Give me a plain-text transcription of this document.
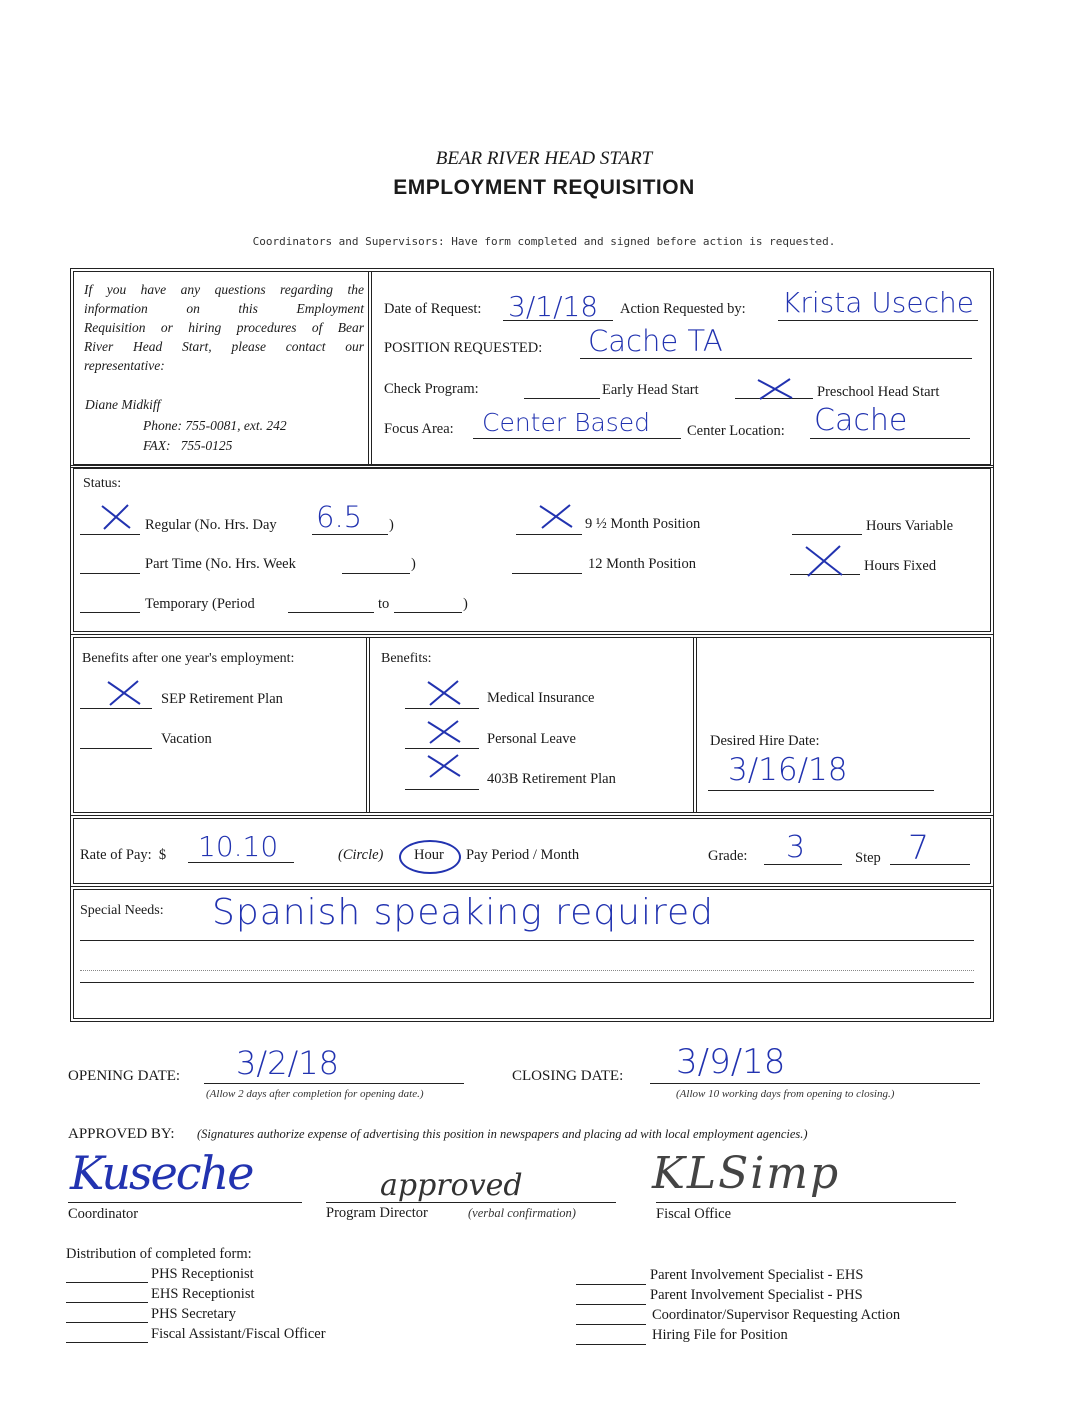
BEAR RIVER HEAD START
EMPLOYMENT REQUISITION
Coordinators and Supervisors: Have form completed and signed before action is requested.
If you have any questions regarding the
information on this Employment
Requisition or hiring procedures of Bear
River Head Start, please contact our
representative:
Diane Midkiff
Phone: 755-0081, ext. 242
FAX:   755-0125
Date of Request: 3/1/18 Action Requested by: Krista Useche
POSITION REQUESTED: Cache TA
Check Program:	Early Head Start	Preschool Head Start
Focus Area: Center Based	Center Location: Cache
Status:
Regular (No. Hrs. Day 6.5 )	9 ½ Month Position	Hours Variable
Part Time (No. Hrs. Week	)	12 Month Position	Hours Fixed
Temporary (Period	to	)
Benefits after one year's employment:
SEP Retirement Plan
Vacation
Benefits:
Medical Insurance
Personal Leave
403B Retirement Plan
Desired Hire Date:
3/16/18
Rate of Pay:  $ 10.10	(Circle) Hour Pay Period / Month	Grade: 3	Step 7
Special Needs: Spanish speaking required
OPENING DATE: 3/2/18
(Allow 2 days after completion for opening date.)
CLOSING DATE: 3/9/18
(Allow 10 working days from opening to closing.)
APPROVED BY: (Signatures authorize expense of advertising this position in newspapers and placing ad with local employment agencies.)
Kuseche
Coordinator
approved
Program Director	(verbal confirmation)
KLSimp
Fiscal Office
Distribution of completed form:
PHS Receptionist
EHS Receptionist
PHS Secretary
Fiscal Assistant/Fiscal Officer
Parent Involvement Specialist - EHS
Parent Involvement Specialist - PHS
Coordinator/Supervisor Requesting Action
Hiring File for Position
